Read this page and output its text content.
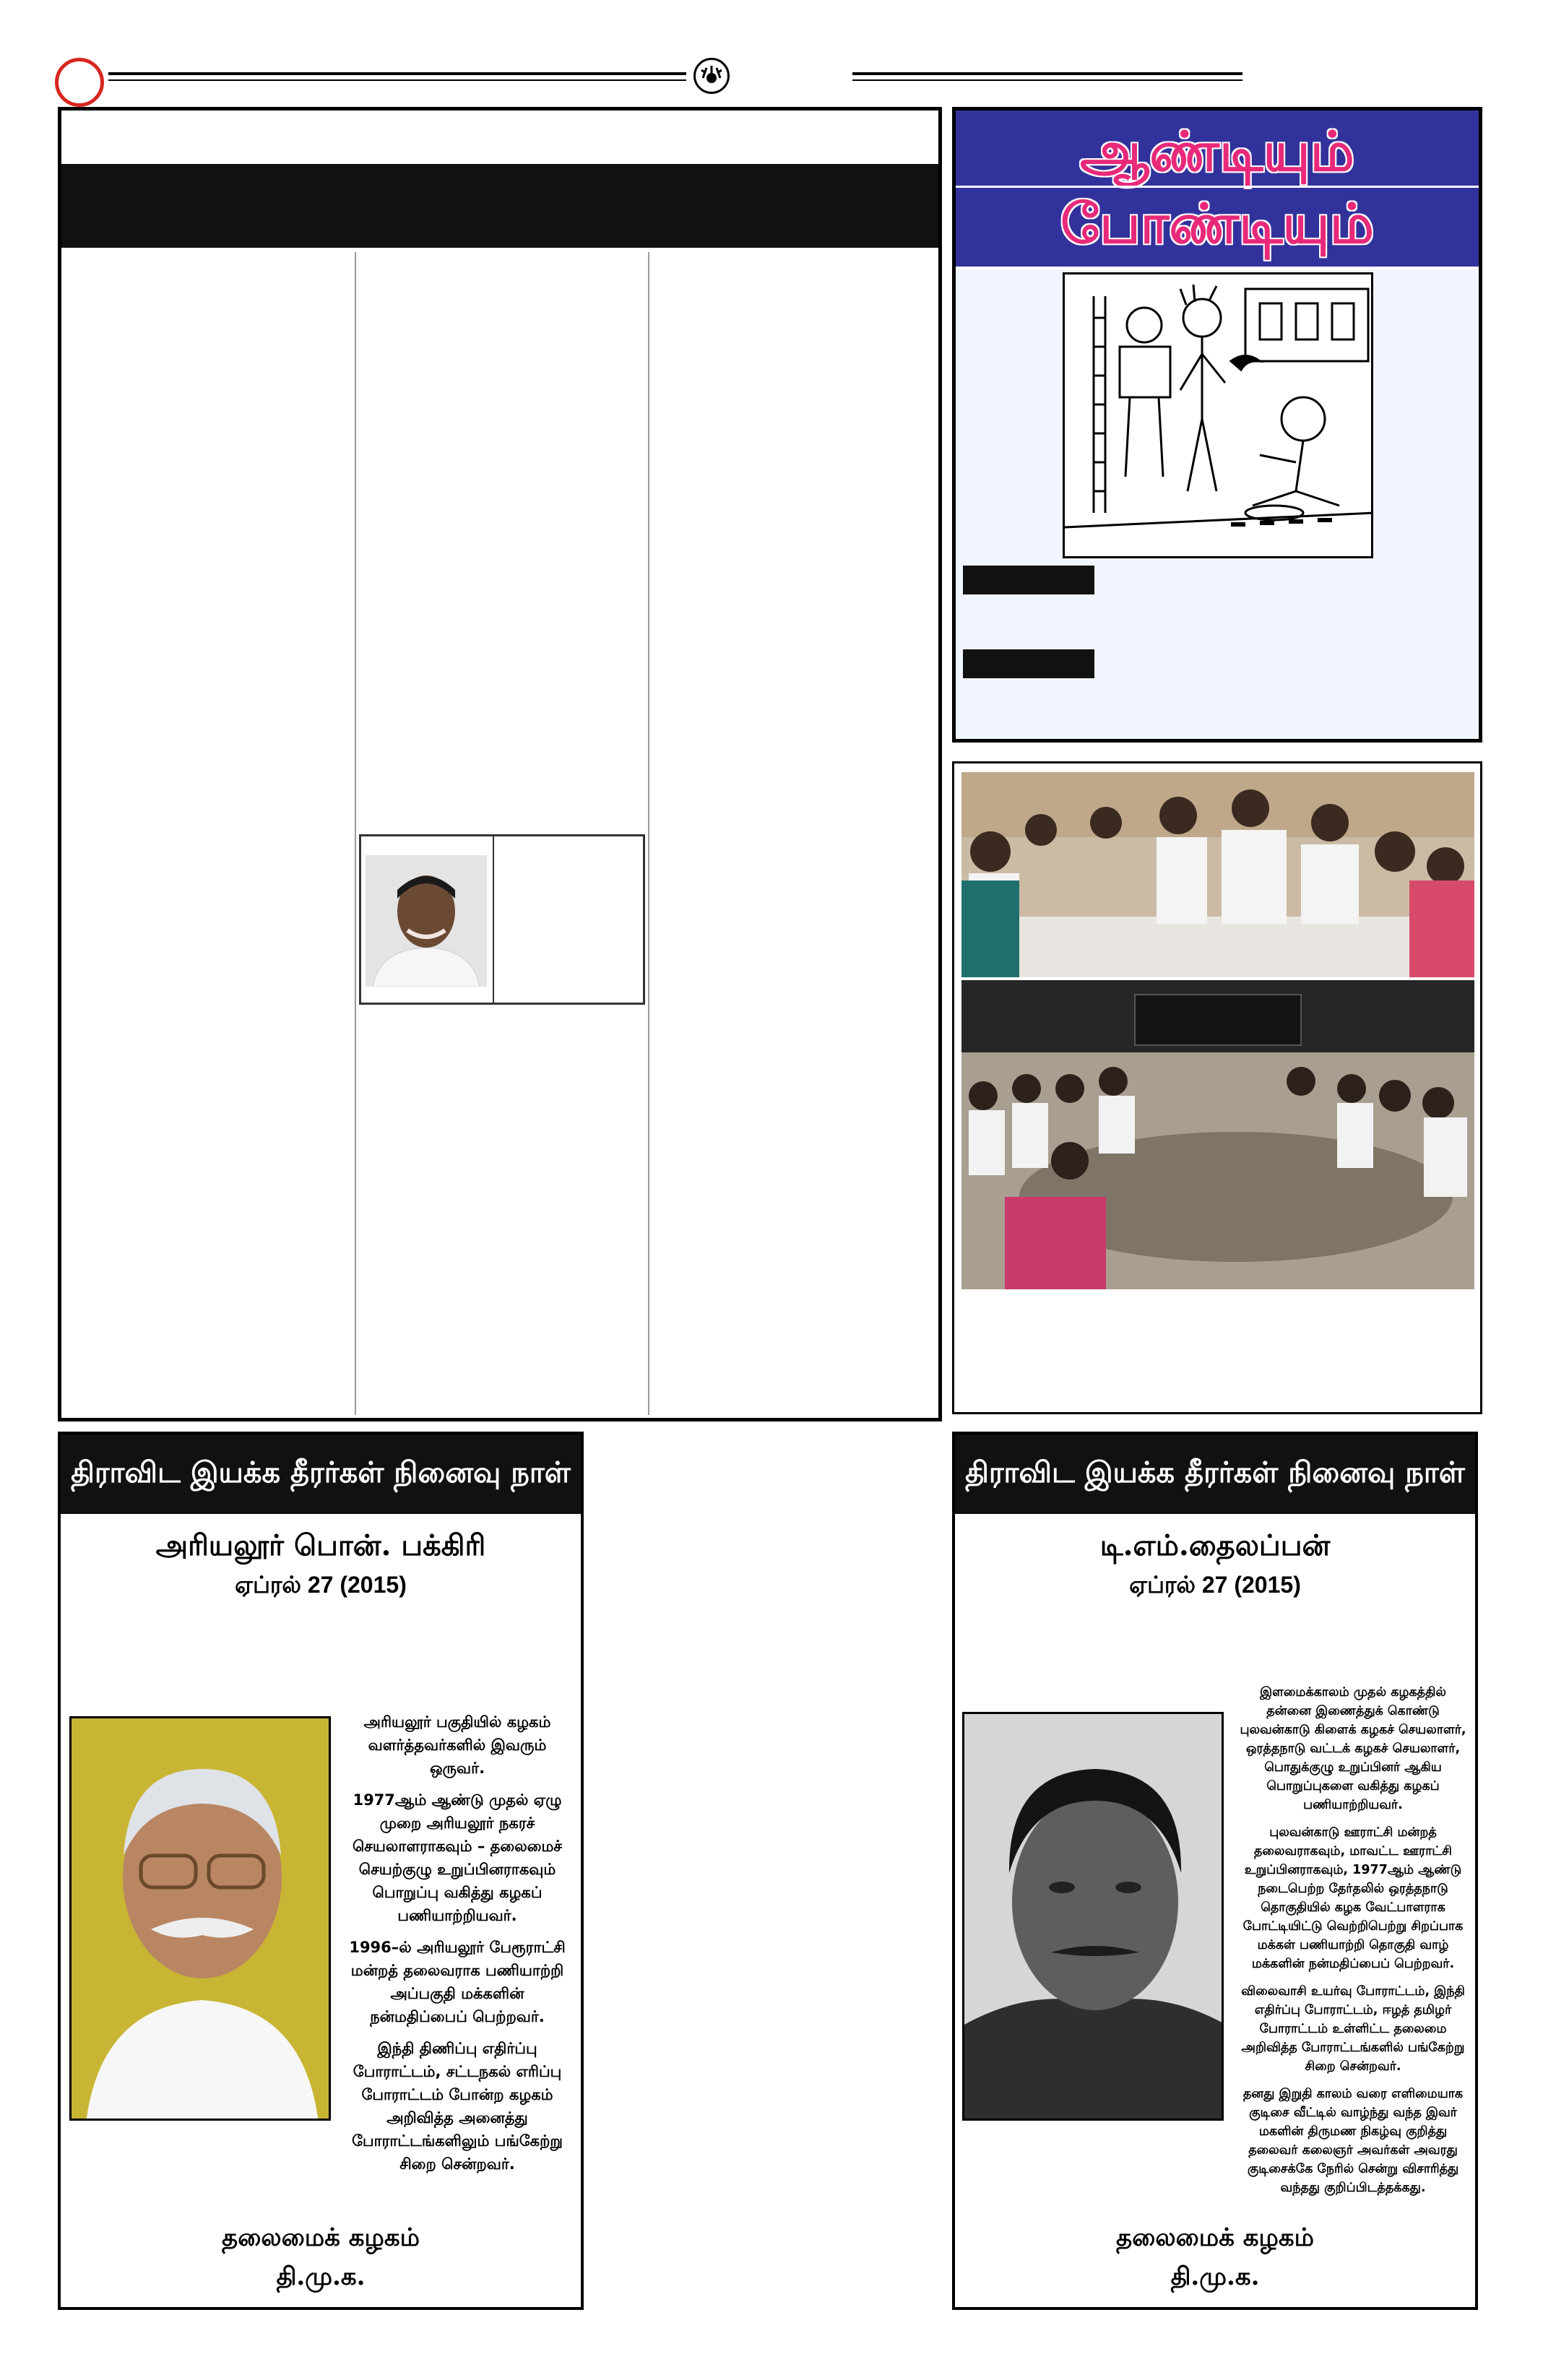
ஆண்டியும்
போண்டியும்
திராவிட இயக்க தீரர்கள் நினைவு நாள்
அரியலூர் பொன். பக்கிரி
ஏப்ரல் 27 (2015)

அரியலூர் பகுதியில் கழகம் வளர்த்தவர்களில் இவரும் ஒருவர்.

1977ஆம் ஆண்டு முதல் ஏழு முறை அரியலூர் நகரச் செயலாளராகவும் – தலைமைச் செயற்குழு உறுப்பினராகவும் பொறுப்பு வகித்து கழகப் பணியாற்றியவர்.

1996–ல் அரியலூர் பேரூராட்சி மன்றத் தலைவராக பணியாற்றி அப்பகுதி மக்களின் நன்மதிப்பைப் பெற்றவர்.

இந்தி திணிப்பு எதிர்ப்பு போராட்டம், சட்டநகல் எரிப்பு போராட்டம் போன்ற கழகம் அறிவித்த அனைத்து போராட்டங்களிலும் பங்கேற்று சிறை சென்றவர்.

தலைமைக் கழகம்
தி.மு.க.
திராவிட இயக்க தீரர்கள் நினைவு நாள்
டி.எம்.தைலப்பன்
ஏப்ரல் 27 (2015)

இளமைக்காலம் முதல் கழகத்தில் தன்னை இணைத்துக் கொண்டு புலவன்காடு கிளைக் கழகச் செயலாளர், ஒரத்தநாடு வட்டக் கழகச் செயலாளர், பொதுக்குழு உறுப்பினர் ஆகிய பொறுப்புகளை வகித்து கழகப் பணியாற்றியவர்.

புலவன்காடு ஊராட்சி மன்றத் தலைவராகவும், மாவட்ட ஊராட்சி உறுப்பினராகவும், 1977ஆம் ஆண்டு நடைபெற்ற தேர்தலில் ஒரத்தநாடு தொகுதியில் கழக வேட்பாளராக போட்டியிட்டு வெற்றிபெற்று சிறப்பாக மக்கள் பணியாற்றி தொகுதி வாழ் மக்களின் நன்மதிப்பைப் பெற்றவர்.

விலைவாசி உயர்வு போராட்டம், இந்தி எதிர்ப்பு போராட்டம், ஈழத் தமிழர் போராட்டம் உள்ளிட்ட தலைமை அறிவித்த போராட்டங்களில் பங்கேற்று சிறை சென்றவர்.

தனது இறுதி காலம் வரை எளிமையாக குடிசை வீட்டில் வாழ்ந்து வந்த இவர் மகளின் திருமண நிகழ்வு குறித்து தலைவர் கலைஞர் அவர்கள் அவரது குடிசைக்கே நேரில் சென்று விசாரித்து வந்தது குறிப்பிடத்தக்கது.

தலைமைக் கழகம்
தி.மு.க.
